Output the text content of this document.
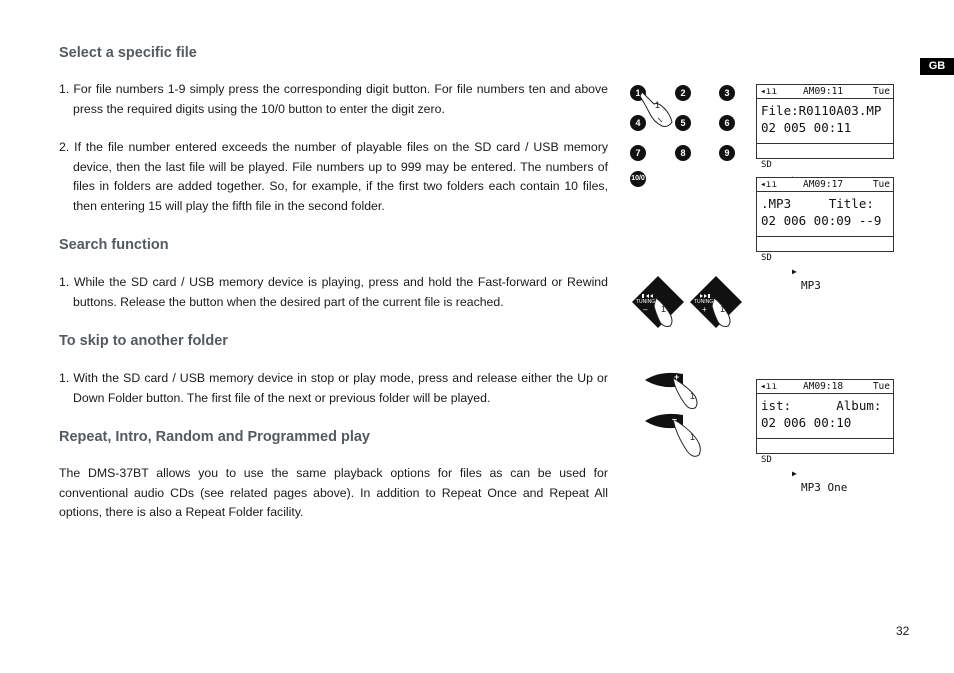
GB
32
Select a specific file

1. For file numbers 1-9 simply press the corresponding digit button. For file numbers ten and above press the required digits using the 10/0 button to enter the digit zero.

2. If the file number entered exceeds the number of playable files on the SD card / USB memory device, then the last file will be played. File numbers up to 999 may be entered. The numbers of files in folders are added together. So, for example, if the first two folders each contain 10 files, then entering 15 will play the fifth file in the second folder.

Search function

1. While the SD card / USB memory device is playing, press and hold the Fast-forward or Rewind buttons. Release the button when the desired part of the current file is reached.

To skip to another folder

1. With the SD card / USB memory device in stop or play mode, press and release either the Up or Down Folder button. The first file of the next or previous folder will be played.

Repeat, Intro, Random and Programmed play

The DMS-37BT allows you to use the same playback options for files as can be used for conventional audio CDs (see related pages above). In addition to Repeat Once and Repeat All options, there is also a Repeat Folder facility.

1	2	3
4	5	6
7	8	9
10/0
1
TUNING
– 1
TUNING
+ 1
+
1
–
1
◂ıı	AM09:11	Tue
File:R0110A03.MP
02 005 00:11

SD

◂ıı	AM09:17	Tue
.MP3     Title:
02 006 00:09 --9

SD

▶

MP3

◂ıı	AM09:18	Tue
ist:      Album:
02 006 00:10

SD

▶

MP3 One
